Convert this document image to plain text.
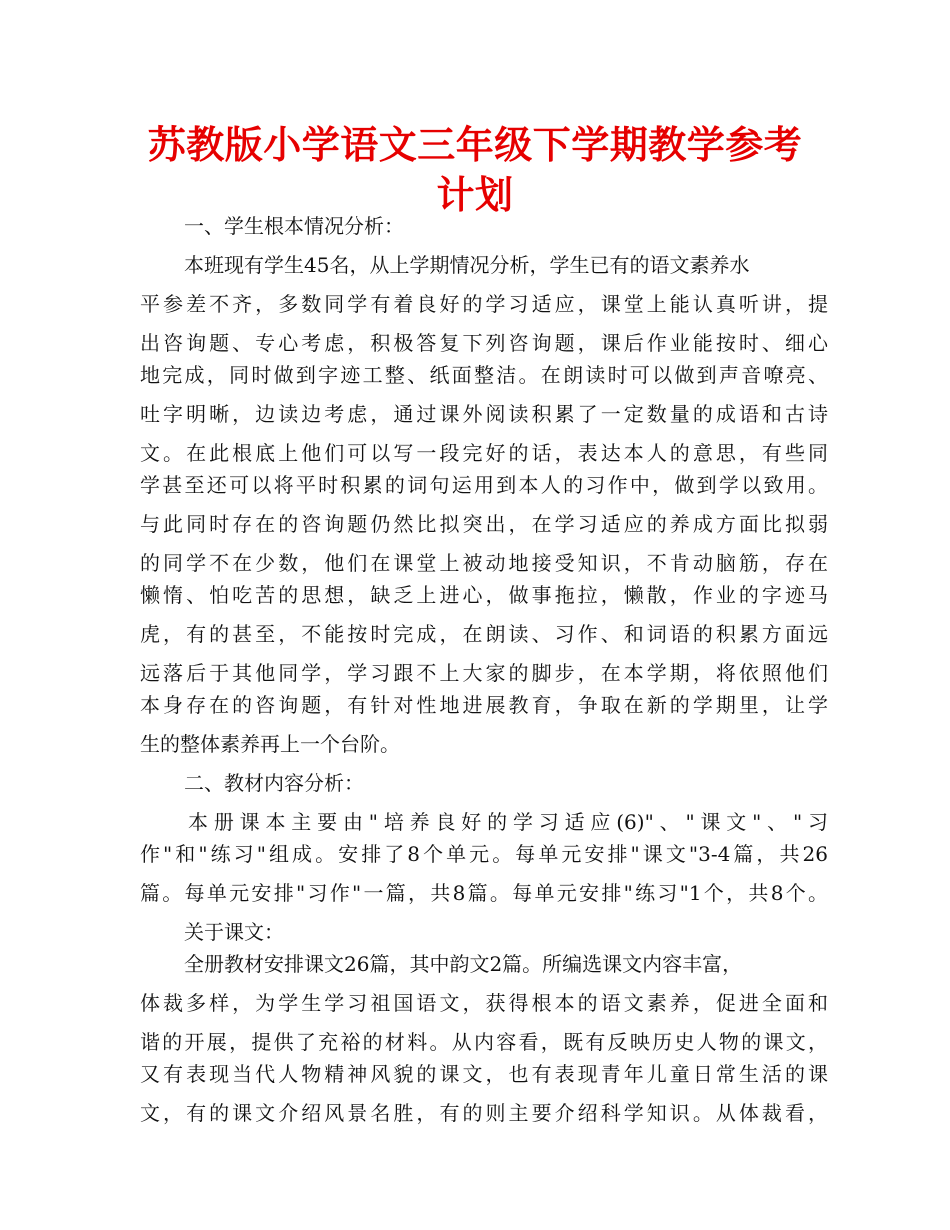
苏教版小学语文三年级下学期教学参考计划
一、学生根本情况分析：
本班现有学生45名，从上学期情况分析，学生已有的语文素养水
平参差不齐，多数同学有着良好的学习适应，课堂上能认真听讲，提
出咨询题、专心考虑，积极答复下列咨询题，课后作业能按时、细心
地完成，同时做到字迹工整、纸面整洁。在朗读时可以做到声音嘹亮、
吐字明晰，边读边考虑，通过课外阅读积累了一定数量的成语和古诗
文。在此根底上他们可以写一段完好的话，表达本人的意思，有些同
学甚至还可以将平时积累的词句运用到本人的习作中，做到学以致用。
与此同时存在的咨询题仍然比拟突出，在学习适应的养成方面比拟弱
的同学不在少数，他们在课堂上被动地接受知识，不肯动脑筋，存在
懒惰、怕吃苦的思想，缺乏上进心，做事拖拉，懒散，作业的字迹马
虎，有的甚至，不能按时完成，在朗读、习作、和词语的积累方面远
远落后于其他同学，学习跟不上大家的脚步，在本学期，将依照他们
本身存在的咨询题，有针对性地进展教育，争取在新的学期里，让学
生的整体素养再上一个台阶。
二、教材内容分析：
本册课本主要由"培养良好的学习适应(6)"、"课文"、"习
作"和"练习"组成。安排了8个单元。每单元安排"课文"3-4篇，共26
篇。每单元安排"习作"一篇，共8篇。每单元安排"练习"1个，共8个。
关于课文：
全册教材安排课文26篇，其中韵文2篇。所编选课文内容丰富，
体裁多样，为学生学习祖国语文，获得根本的语文素养，促进全面和
谐的开展，提供了充裕的材料。从内容看，既有反映历史人物的课文，
又有表现当代人物精神风貌的课文，也有表现青年儿童日常生活的课
文，有的课文介绍风景名胜，有的则主要介绍科学知识。从体裁看，
